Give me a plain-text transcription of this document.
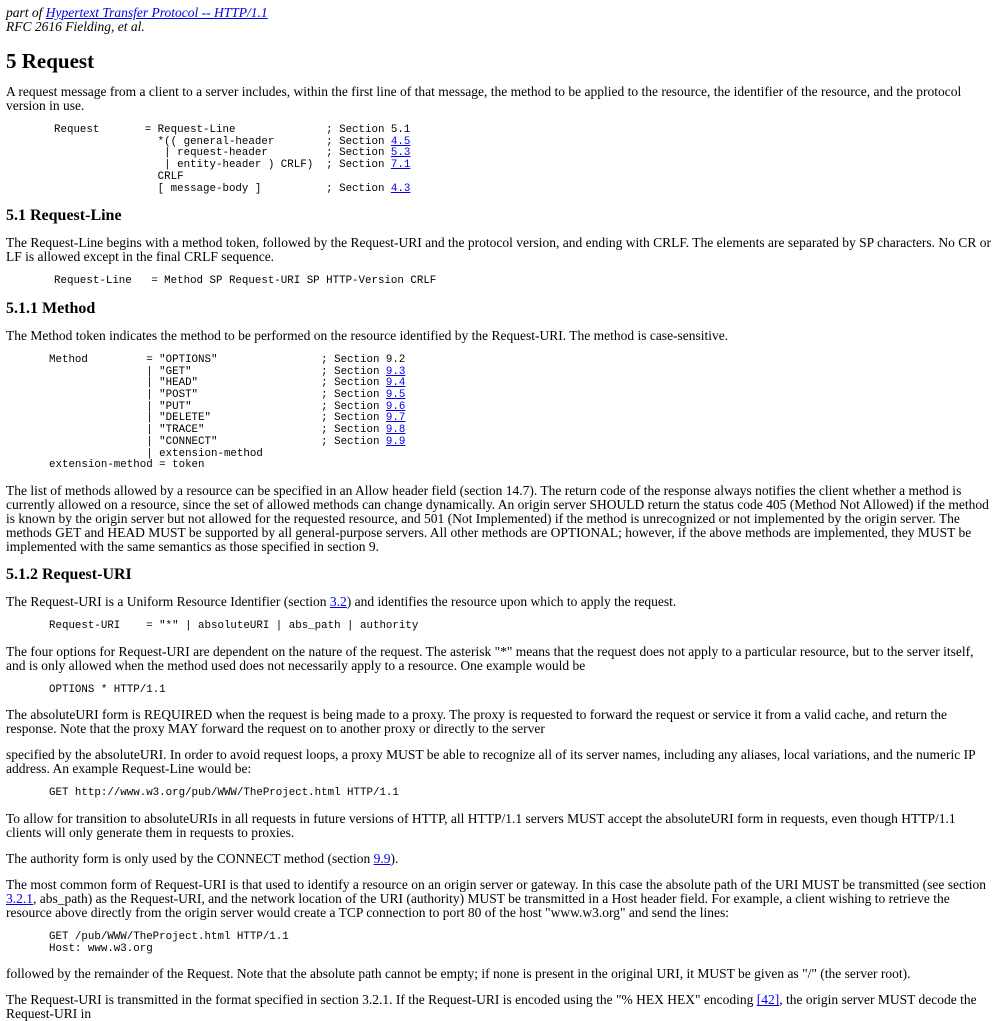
part of Hypertext Transfer Protocol -- HTTP/1.1
RFC 2616 Fielding, et al.
5 Request

A request message from a client to a server includes, within the first line of that message, the method to be applied to the resource, the identifier of the resource, and the protocol version in use.

Request       = Request-Line              ; Section 5.1
*(( general-header        ; Section 4.5
| request-header         ; Section 5.3
| entity-header ) CRLF)  ; Section 7.1
CRLF
[ message-body ]          ; Section 4.3
5.1 Request-Line

The Request-Line begins with a method token, followed by the Request-URI and the protocol version, and ending with CRLF. The elements are separated by SP characters. No CR or LF is allowed except in the final CRLF sequence.

Request-Line   = Method SP Request-URI SP HTTP-Version CRLF
5.1.1 Method

The Method token indicates the method to be performed on the resource identified by the Request-URI. The method is case-sensitive.

Method         = "OPTIONS"                ; Section 9.2
| "GET"                    ; Section 9.3
| "HEAD"                   ; Section 9.4
| "POST"                   ; Section 9.5
| "PUT"                    ; Section 9.6
| "DELETE"                 ; Section 9.7
| "TRACE"                  ; Section 9.8
| "CONNECT"                ; Section 9.9
| extension-method
extension-method = token

The list of methods allowed by a resource can be specified in an Allow header field (section 14.7). The return code of the response always notifies the client whether a method is currently allowed on a resource, since the set of allowed methods can change dynamically. An origin server SHOULD return the status code 405 (Method Not Allowed) if the method is known by the origin server but not allowed for the requested resource, and 501 (Not Implemented) if the method is unrecognized or not implemented by the origin server. The methods GET and HEAD MUST be supported by all general-purpose servers. All other methods are OPTIONAL; however, if the above methods are implemented, they MUST be implemented with the same semantics as those specified in section 9.

5.1.2 Request-URI

The Request-URI is a Uniform Resource Identifier (section 3.2) and identifies the resource upon which to apply the request.

Request-URI    = "*" | absoluteURI | abs_path | authority

The four options for Request-URI are dependent on the nature of the request. The asterisk "*" means that the request does not apply to a particular resource, but to the server itself, and is only allowed when the method used does not necessarily apply to a resource. One example would be

OPTIONS * HTTP/1.1

The absoluteURI form is REQUIRED when the request is being made to a proxy. The proxy is requested to forward the request or service it from a valid cache, and return the response. Note that the proxy MAY forward the request on to another proxy or directly to the server

specified by the absoluteURI. In order to avoid request loops, a proxy MUST be able to recognize all of its server names, including any aliases, local variations, and the numeric IP address. An example Request-Line would be:

GET http://www.w3.org/pub/WWW/TheProject.html HTTP/1.1

To allow for transition to absoluteURIs in all requests in future versions of HTTP, all HTTP/1.1 servers MUST accept the absoluteURI form in requests, even though HTTP/1.1 clients will only generate them in requests to proxies.

The authority form is only used by the CONNECT method (section 9.9).

The most common form of Request-URI is that used to identify a resource on an origin server or gateway. In this case the absolute path of the URI MUST be transmitted (see section 3.2.1, abs_path) as the Request-URI, and the network location of the URI (authority) MUST be transmitted in a Host header field. For example, a client wishing to retrieve the resource above directly from the origin server would create a TCP connection to port 80 of the host "www.w3.org" and send the lines:

GET /pub/WWW/TheProject.html HTTP/1.1
Host: www.w3.org

followed by the remainder of the Request. Note that the absolute path cannot be empty; if none is present in the original URI, it MUST be given as "/" (the server root).

The Request-URI is transmitted in the format specified in section 3.2.1. If the Request-URI is encoded using the "% HEX HEX" encoding [42], the origin server MUST decode the Request-URI in
